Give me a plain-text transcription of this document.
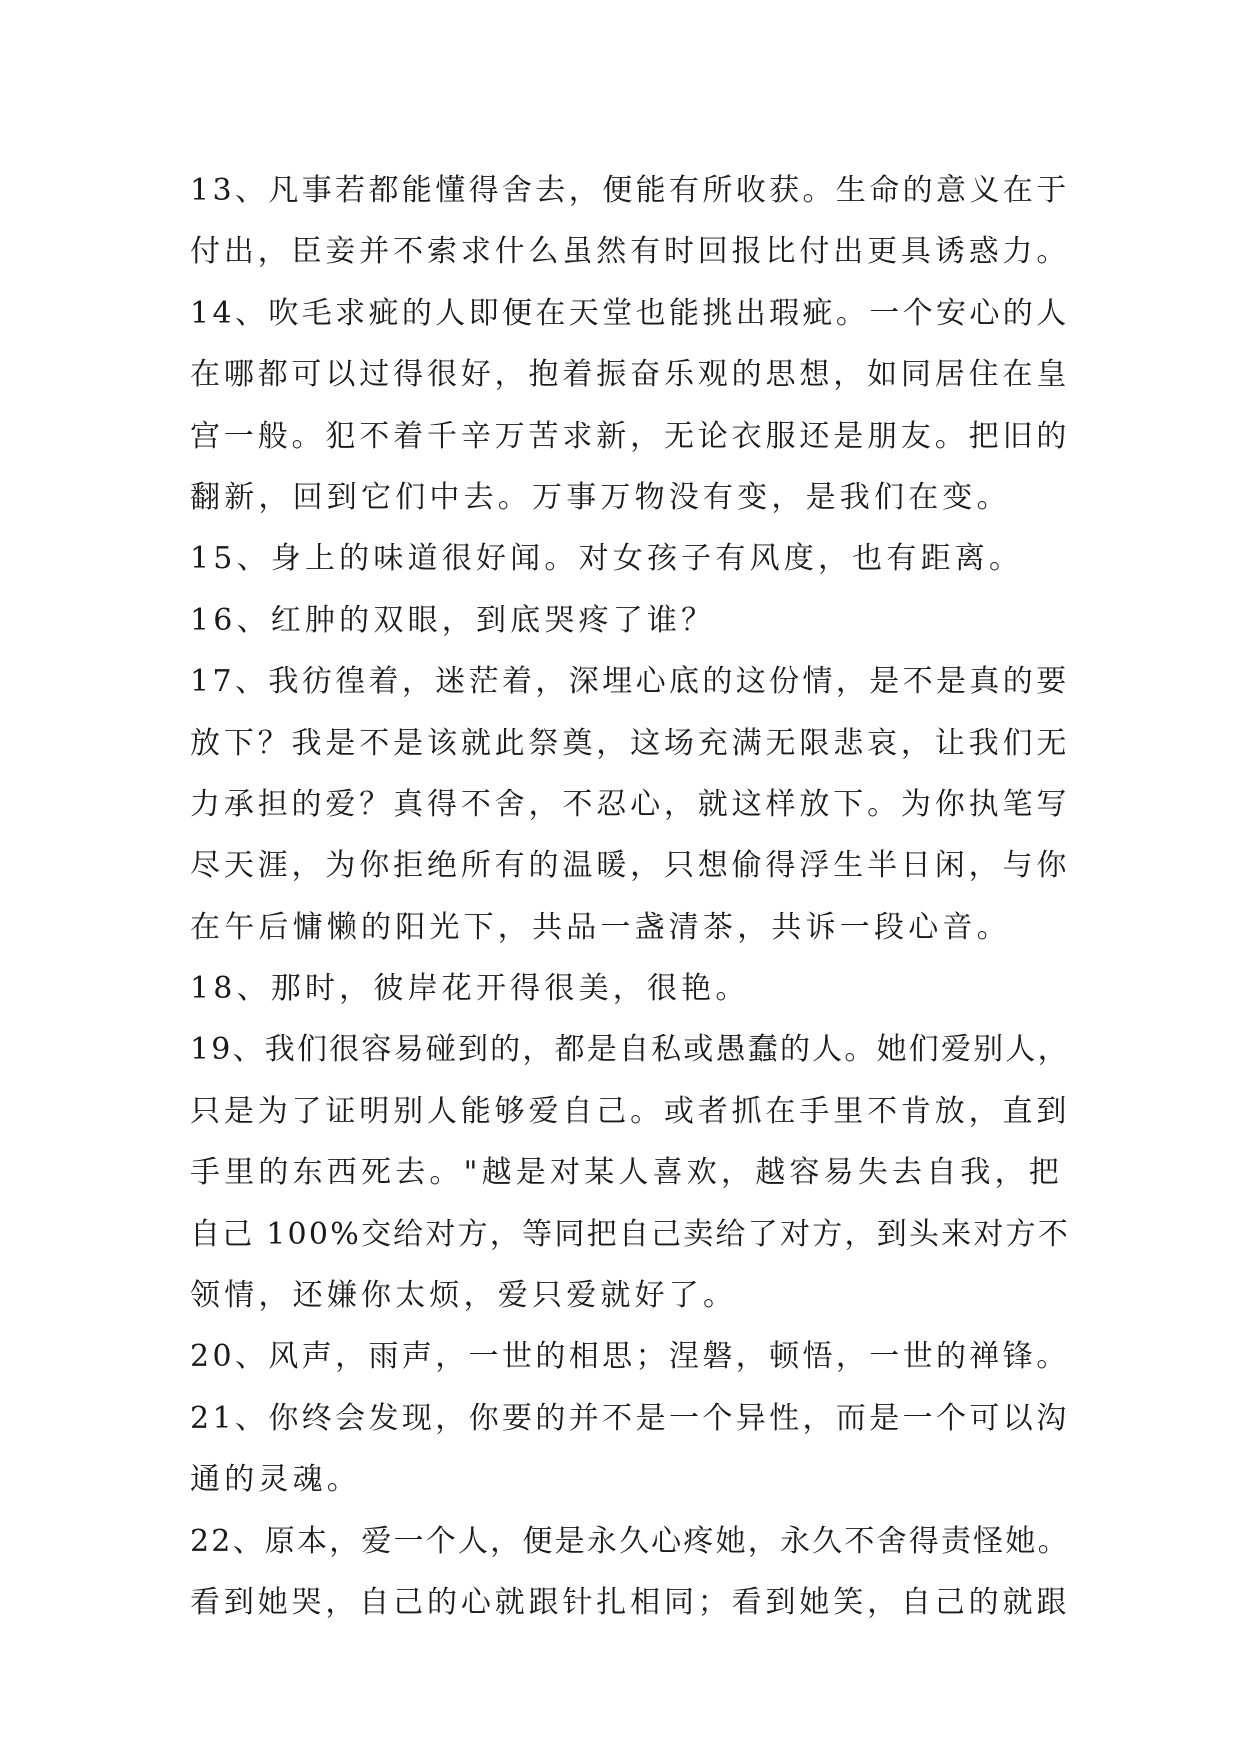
13、凡事若都能懂得舍去，便能有所收获。生命的意义在于
付出，臣妾并不索求什么虽然有时回报比付出更具诱惑力。
14、吹毛求疵的人即便在天堂也能挑出瑕疵。一个安心的人
在哪都可以过得很好，抱着振奋乐观的思想，如同居住在皇
宫一般。犯不着千辛万苦求新，无论衣服还是朋友。把旧的
翻新，回到它们中去。万事万物没有变，是我们在变。
15、身上的味道很好闻。对女孩子有风度，也有距离。
16、红肿的双眼，到底哭疼了谁？
17、我彷徨着，迷茫着，深埋心底的这份情，是不是真的要
放下？我是不是该就此祭奠，这场充满无限悲哀，让我们无
力承担的爱？真得不舍，不忍心，就这样放下。为你执笔写
尽天涯，为你拒绝所有的温暖，只想偷得浮生半日闲，与你
在午后慵懒的阳光下，共品一盏清茶，共诉一段心音。
18、那时，彼岸花开得很美，很艳。
19、我们很容易碰到的，都是自私或愚蠢的人。她们爱别人，
只是为了证明别人能够爱自己。或者抓在手里不肯放，直到
手里的东西死去。"越是对某人喜欢，越容易失去自我，把
自己 100%交给对方，等同把自己卖给了对方，到头来对方不
领情，还嫌你太烦，爱只爱就好了。
20、风声，雨声，一世的相思；涅磐，顿悟，一世的禅锋。
21、你终会发现，你要的并不是一个异性，而是一个可以沟
通的灵魂。
22、原本，爱一个人，便是永久心疼她，永久不舍得责怪她。
看到她哭，自己的心就跟针扎相同；看到她笑，自己的就跟
